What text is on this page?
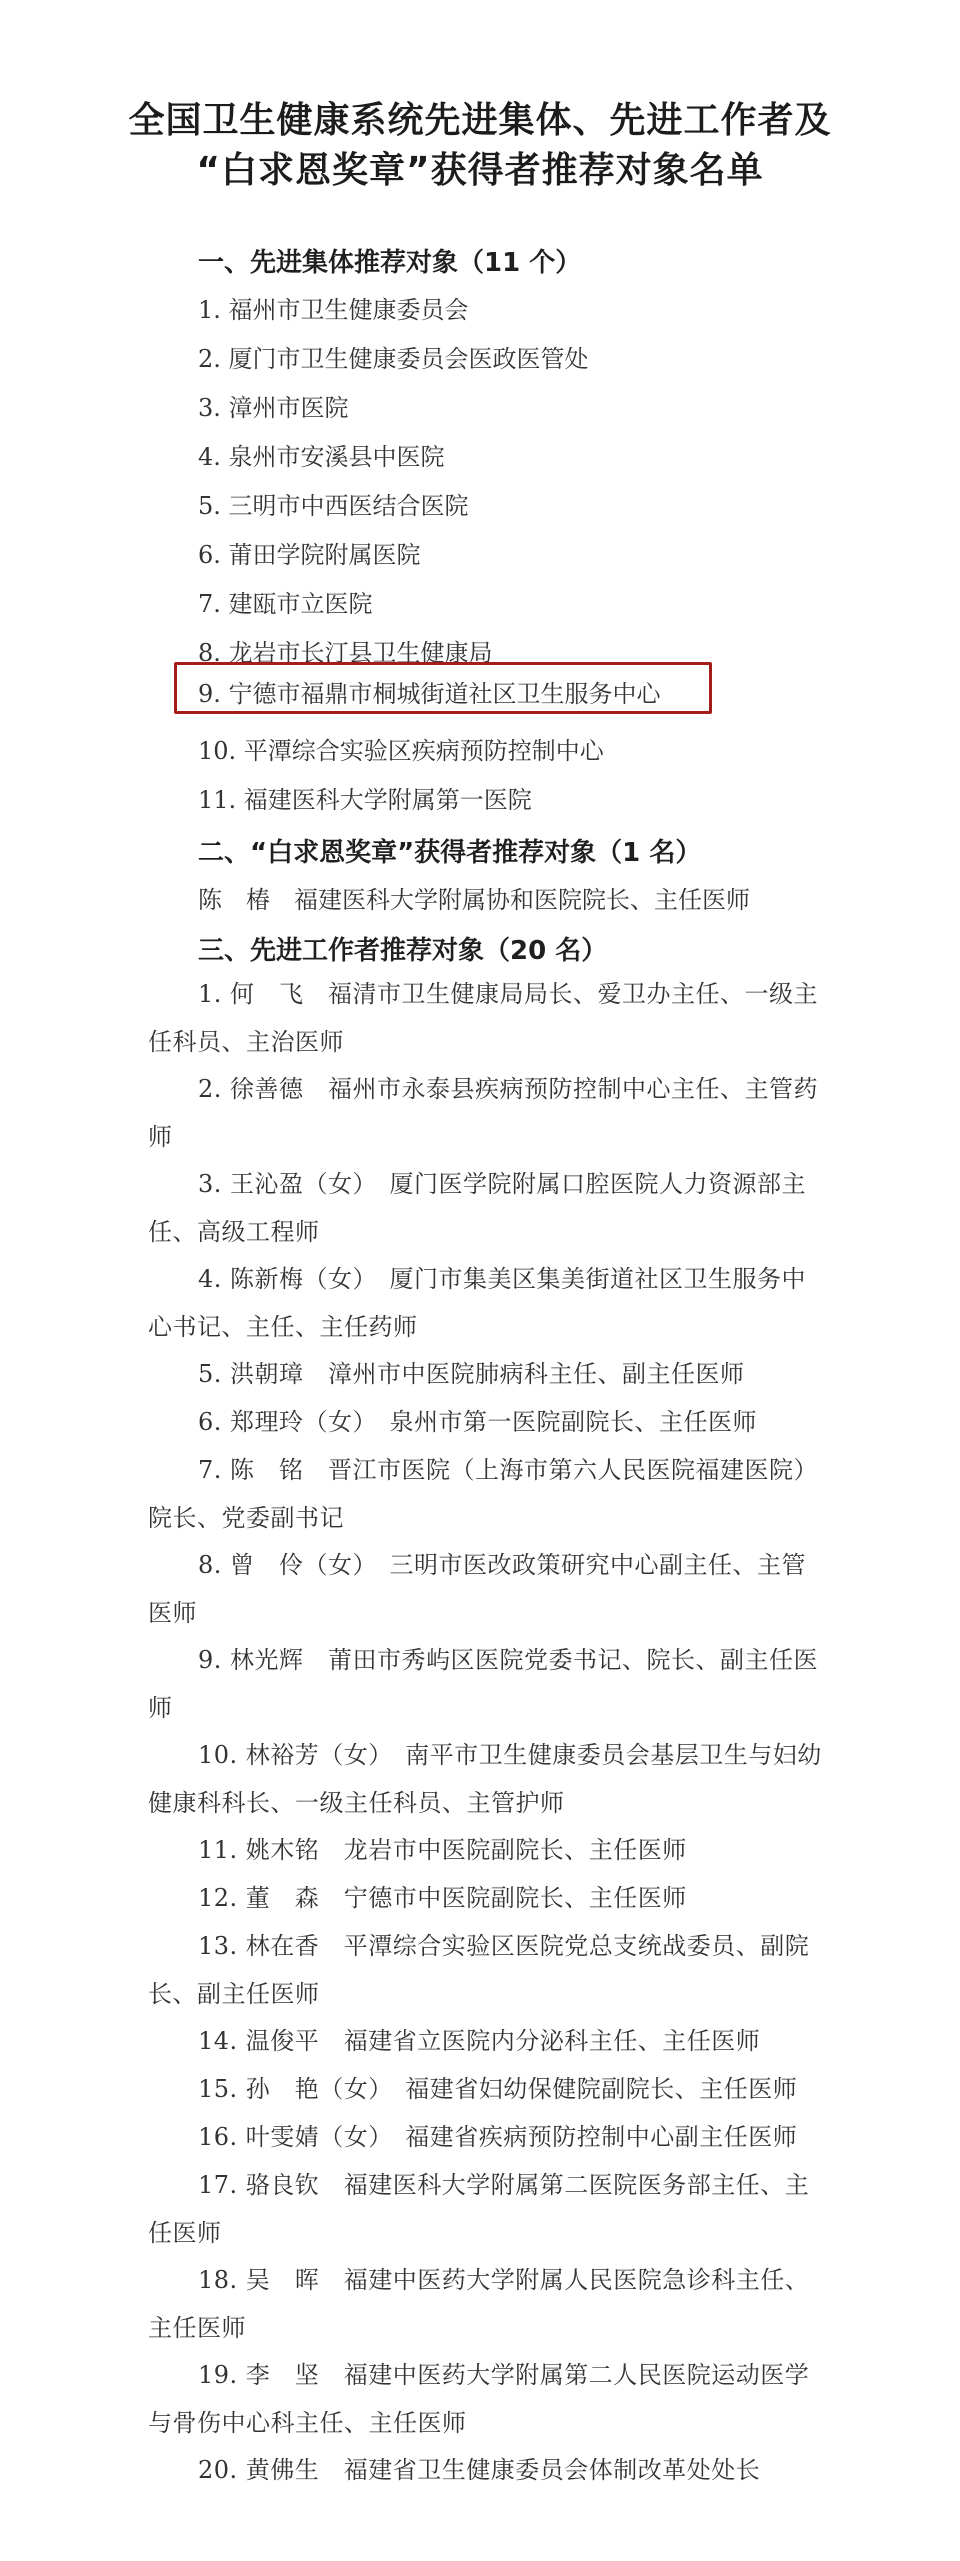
全国卫生健康系统先进集体、先进工作者及
“白求恩奖章”获得者推荐对象名单
一、先进集体推荐对象（11 个）
1. 福州市卫生健康委员会
2. 厦门市卫生健康委员会医政医管处
3. 漳州市医院
4. 泉州市安溪县中医院
5. 三明市中西医结合医院
6. 莆田学院附属医院
7. 建瓯市立医院
8. 龙岩市长汀县卫生健康局
9. 宁德市福鼎市桐城街道社区卫生服务中心
10. 平潭综合实验区疾病预防控制中心
11. 福建医科大学附属第一医院
二、“白求恩奖章”获得者推荐对象（1 名）
陈　椿　福建医科大学附属协和医院院长、主任医师
三、先进工作者推荐对象（20 名）
1. 何　飞　福清市卫生健康局局长、爱卫办主任、一级主任科员、主治医师
2. 徐善德　福州市永泰县疾病预防控制中心主任、主管药师
3. 王沁盈（女）　厦门医学院附属口腔医院人力资源部主任、高级工程师
4. 陈新梅（女）　厦门市集美区集美街道社区卫生服务中心书记、主任、主任药师
5. 洪朝璋　漳州市中医院肺病科主任、副主任医师
6. 郑理玲（女）　泉州市第一医院副院长、主任医师
7. 陈　铭　晋江市医院（上海市第六人民医院福建医院）院长、党委副书记
8. 曾　伶（女）　三明市医改政策研究中心副主任、主管医师
9. 林光辉　莆田市秀屿区医院党委书记、院长、副主任医师
10. 林裕芳（女）　南平市卫生健康委员会基层卫生与妇幼健康科科长、一级主任科员、主管护师
11. 姚木铭　龙岩市中医院副院长、主任医师
12. 董　森　宁德市中医院副院长、主任医师
13. 林在香　平潭综合实验区医院党总支统战委员、副院长、副主任医师
14. 温俊平　福建省立医院内分泌科主任、主任医师
15. 孙　艳（女）　福建省妇幼保健院副院长、主任医师
16. 叶雯婧（女）　福建省疾病预防控制中心副主任医师
17. 骆良钦　福建医科大学附属第二医院医务部主任、主任医师
18. 吴　晖　福建中医药大学附属人民医院急诊科主任、主任医师
19. 李　坚　福建中医药大学附属第二人民医院运动医学与骨伤中心科主任、主任医师
20. 黄佛生　福建省卫生健康委员会体制改革处处长
